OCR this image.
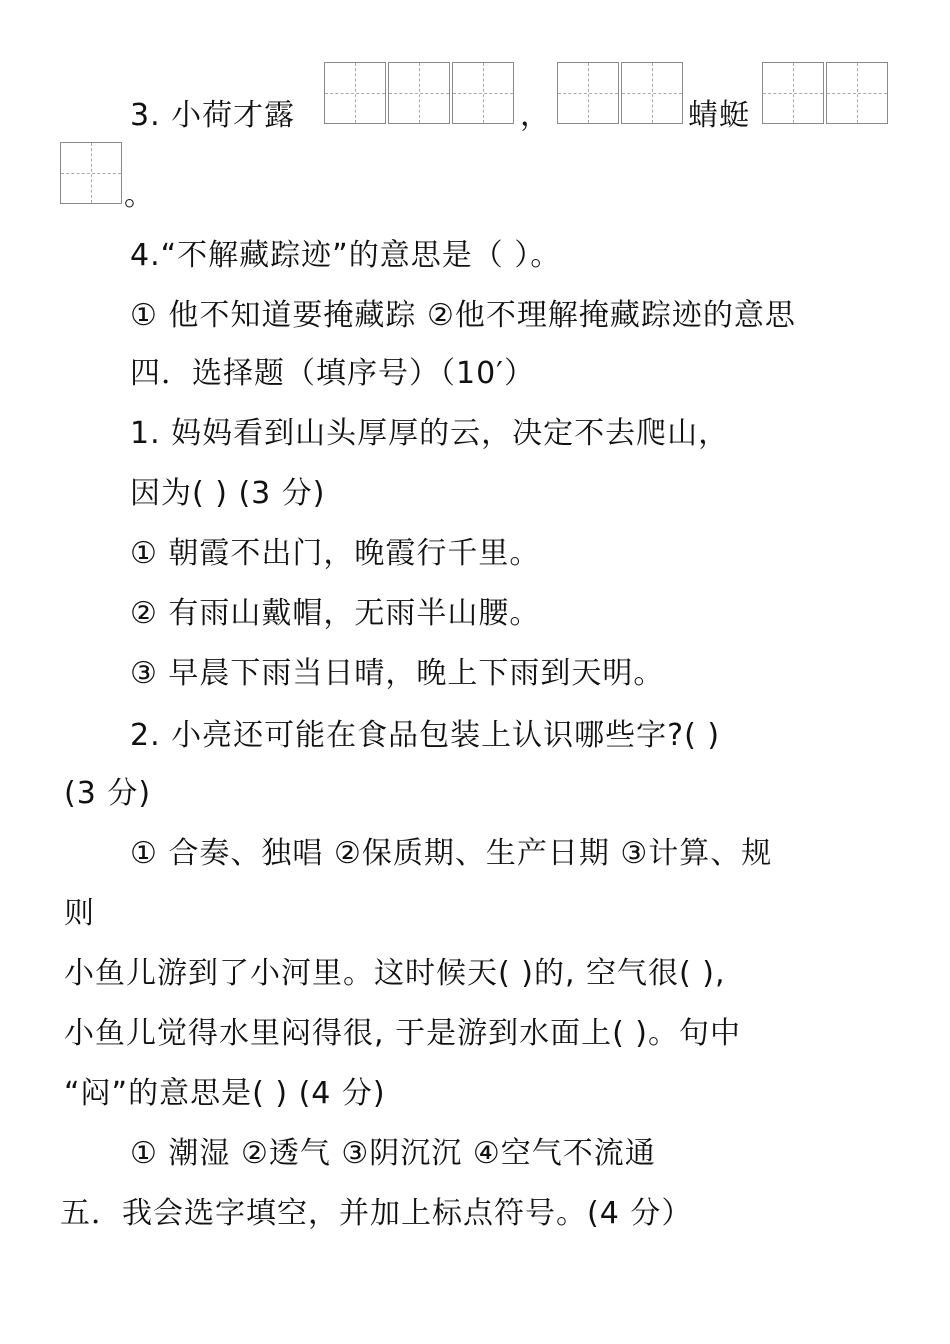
3. 小荷才露	，	蜻蜓
。
4.“不解藏踪迹”的意思是（ ）。
① 他不知道要掩藏踪 ②他不理解掩藏踪迹的意思
四．选择题（填序号）（10′）
1. 妈妈看到山头厚厚的云，决定不去爬山，
因为( ) (3 分)
① 朝霞不出门，晚霞行千里。
② 有雨山戴帽，无雨半山腰。
③ 早晨下雨当日晴，晚上下雨到天明。
2. 小亮还可能在食品包装上认识哪些字?( )
(3 分)
① 合奏、独唱 ②保质期、生产日期 ③计算、规
则
小鱼儿游到了小河里。这时候天( )的, 空气很( ),
小鱼儿觉得水里闷得很, 于是游到水面上( )。句中
“闷”的意思是( ) (4 分)
① 潮湿 ②透气 ③阴沉沉 ④空气不流通
五．我会选字填空，并加上标点符号。(4 分）
